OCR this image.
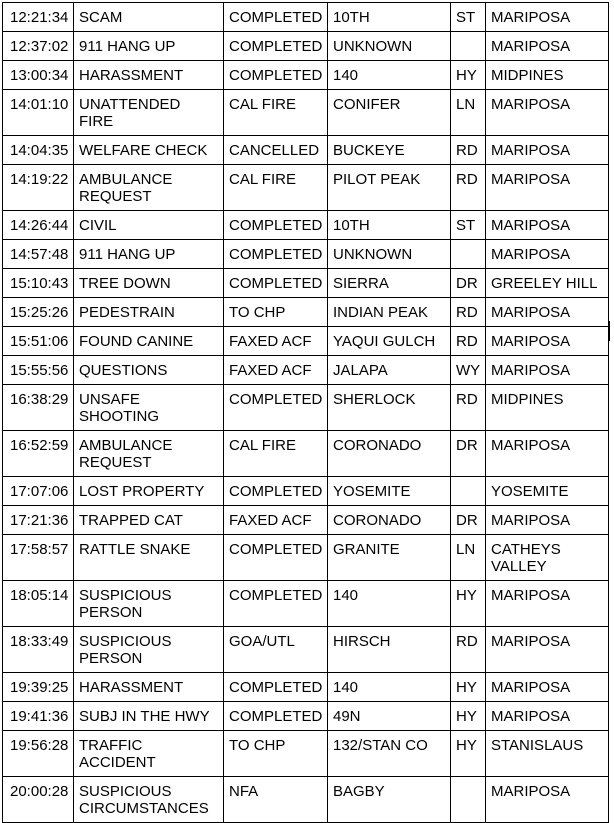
12:21:34	SCAM	COMPLETED	10TH	ST	MARIPOSA
12:37:02	911 HANG UP	COMPLETED	UNKNOWN		MARIPOSA
13:00:34	HARASSMENT	COMPLETED	140	HY	MIDPINES
14:01:10	UNATTENDED FIRE	CAL FIRE	CONIFER	LN	MARIPOSA
14:04:35	WELFARE CHECK	CANCELLED	BUCKEYE	RD	MARIPOSA
14:19:22	AMBULANCE REQUEST	CAL FIRE	PILOT PEAK	RD	MARIPOSA
14:26:44	CIVIL	COMPLETED	10TH	ST	MARIPOSA
14:57:48	911 HANG UP	COMPLETED	UNKNOWN		MARIPOSA
15:10:43	TREE DOWN	COMPLETED	SIERRA	DR	GREELEY HILL
15:25:26	PEDESTRAIN	TO CHP	INDIAN PEAK	RD	MARIPOSA
15:51:06	FOUND CANINE	FAXED ACF	YAQUI GULCH	RD	MARIPOSA
15:55:56	QUESTIONS	FAXED ACF	JALAPA	WY	MARIPOSA
16:38:29	UNSAFE SHOOTING	COMPLETED	SHERLOCK	RD	MIDPINES
16:52:59	AMBULANCE REQUEST	CAL FIRE	CORONADO	DR	MARIPOSA
17:07:06	LOST PROPERTY	COMPLETED	YOSEMITE		YOSEMITE
17:21:36	TRAPPED CAT	FAXED ACF	CORONADO	DR	MARIPOSA
17:58:57	RATTLE SNAKE	COMPLETED	GRANITE	LN	CATHEYS VALLEY
18:05:14	SUSPICIOUS PERSON	COMPLETED	140	HY	MARIPOSA
18:33:49	SUSPICIOUS PERSON	GOA/UTL	HIRSCH	RD	MARIPOSA
19:39:25	HARASSMENT	COMPLETED	140	HY	MARIPOSA
19:41:36	SUBJ IN THE HWY	COMPLETED	49N	HY	MARIPOSA
19:56:28	TRAFFIC ACCIDENT	TO CHP	132/STAN CO	HY	STANISLAUS
20:00:28	SUSPICIOUS CIRCUMSTANCES	NFA	BAGBY		MARIPOSA
